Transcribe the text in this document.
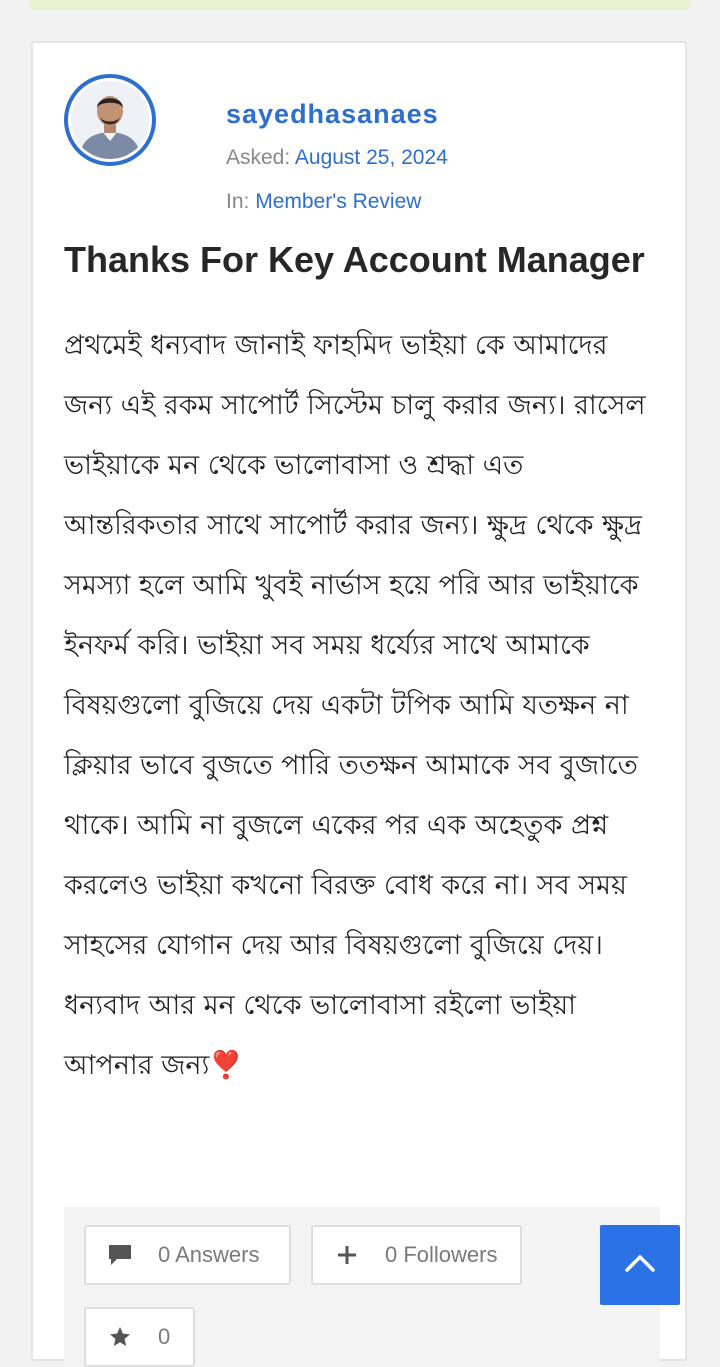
sayedhasanaes
Asked: August 25, 2024
In: Member's Review
Thanks For Key Account Manager

প্রথমেই ধন্যবাদ জানাই ফাহমিদ ভাইয়া কে আমাদের জন্য এই রকম সাপোর্ট সিস্টেম চালু করার জন্য। রাসেল ভাইয়াকে মন থেকে ভালোবাসা ও শ্রদ্ধা এত আন্তরিকতার সাথে সাপোর্ট করার জন্য। ক্ষুদ্র থেকে ক্ষুদ্র সমস্যা হলে আমি খুবই নার্ভাস হয়ে পরি আর ভাইয়াকে ইনফর্ম করি। ভাইয়া সব সময় ধর্য্যের সাথে আমাকে বিষয়গুলো বুজিয়ে দেয় একটা টপিক আমি যতক্ষন না ক্লিয়ার ভাবে বুজতে পারি ততক্ষন আমাকে সব বুজাতে থাকে। আমি না বুজলে একের পর এক অহেতুক প্রশ্ন করলেও ভাইয়া কখনো বিরক্ত বোধ করে না। সব সময় সাহসের যোগান দেয় আর বিষয়গুলো বুজিয়ে দেয়। ধন্যবাদ আর মন থেকে ভালোবাসা রইলো ভাইয়া আপনার জন্য❣️

0 Answers	0 Followers
0
